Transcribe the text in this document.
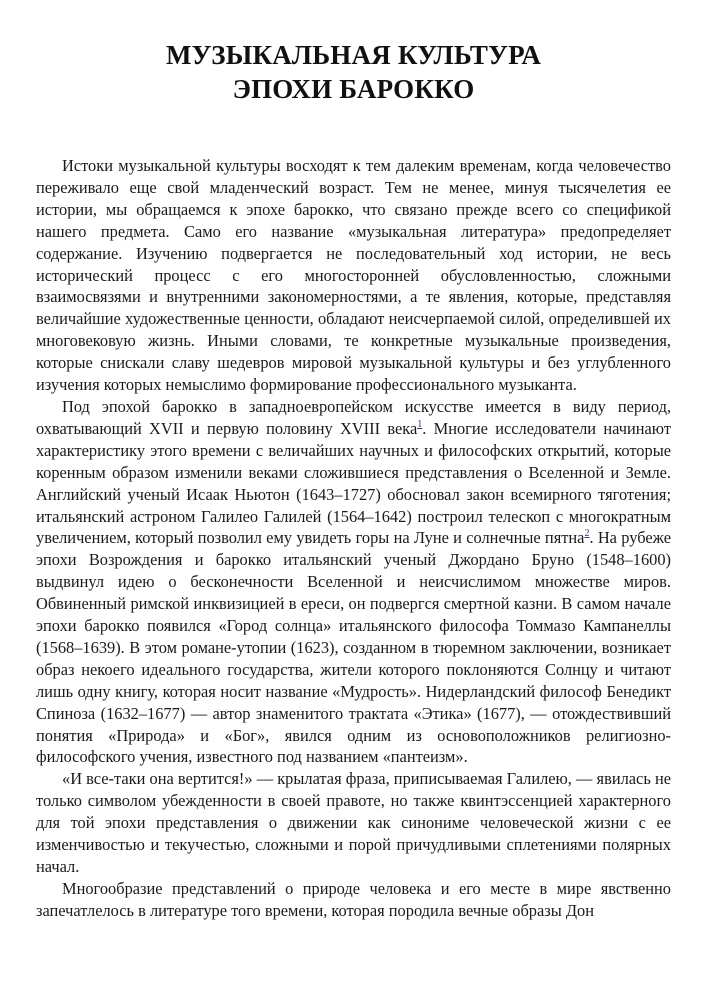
МУЗЫКАЛЬНАЯ КУЛЬТУРА
ЭПОХИ БАРОККО

Истоки музыкальной культуры восходят к тем далеким временам, когда человечество переживало еще свой младенческий возраст. Тем не менее, минуя тысячелетия ее истории, мы обращаемся к эпохе барокко, что связано прежде всего со спецификой нашего предмета. Само его название «музыкальная литература» предопределяет содержание. Изучению подвергается не последовательный ход истории, не весь исторический процесс с его многосторонней обусловленностью, сложными взаимосвязями и внутренними закономерностями, а те явления, которые, представляя величайшие художественные ценности, обладают неисчерпаемой силой, определившей их многовековую жизнь. Иными словами, те конкретные музыкальные произведения, которые снискали славу шедевров мировой музыкальной культуры и без углубленного изучения которых немыслимо формирование профессионального музыканта.

Под эпохой барокко в западноевропейском искусстве имеется в виду период, охватывающий XVII и первую половину XVIII века$^1$. Многие исследователи начинают характеристику этого времени с величайших научных и философских открытий, которые коренным образом изменили веками сложившиеся представления о Вселенной и Земле. Английский ученый Исаак Ньютон (1643–1727) обосновал закон всемирного тяготения; итальянский астроном Галилео Галилей (1564–1642) построил телескоп с многократным увеличением, который позволил ему увидеть горы на Луне и солнечные пятна$^2$. На рубеже эпохи Возрождения и барокко итальянский ученый Джордано Бруно (1548–1600) выдвинул идею о бесконечности Вселенной и неисчислимом множестве миров. Обвиненный римской инквизицией в ереси, он подвергся смертной казни. В самом начале эпохи барокко появился «Город солнца» итальянского философа Томмазо Кампанеллы (1568–1639). В этом романе-утопии (1623), созданном в тюремном заключении, возникает образ некоего идеального государства, жители которого поклоняются Солнцу и читают лишь одну книгу, которая носит название «Мудрость». Нидерландский философ Бенедикт Спиноза (1632–1677) — автор знаменитого трактата «Этика» (1677), — отождествивший понятия «Природа» и «Бог», явился одним из основоположников религиозно-философского учения, известного под названием «пантеизм».

«И все-таки она вертится!» — крылатая фраза, приписываемая Галилею, — явилась не только символом убежденности в своей правоте, но также квинтэссенцией характерного для той эпохи представления о движении как синониме человеческой жизни с ее изменчивостью и текучестью, сложными и порой причудливыми сплетениями полярных начал.

Многообразие представлений о природе человека и его месте в мире явственно запечатлелось в литературе того времени, которая породила вечные образы Дон
